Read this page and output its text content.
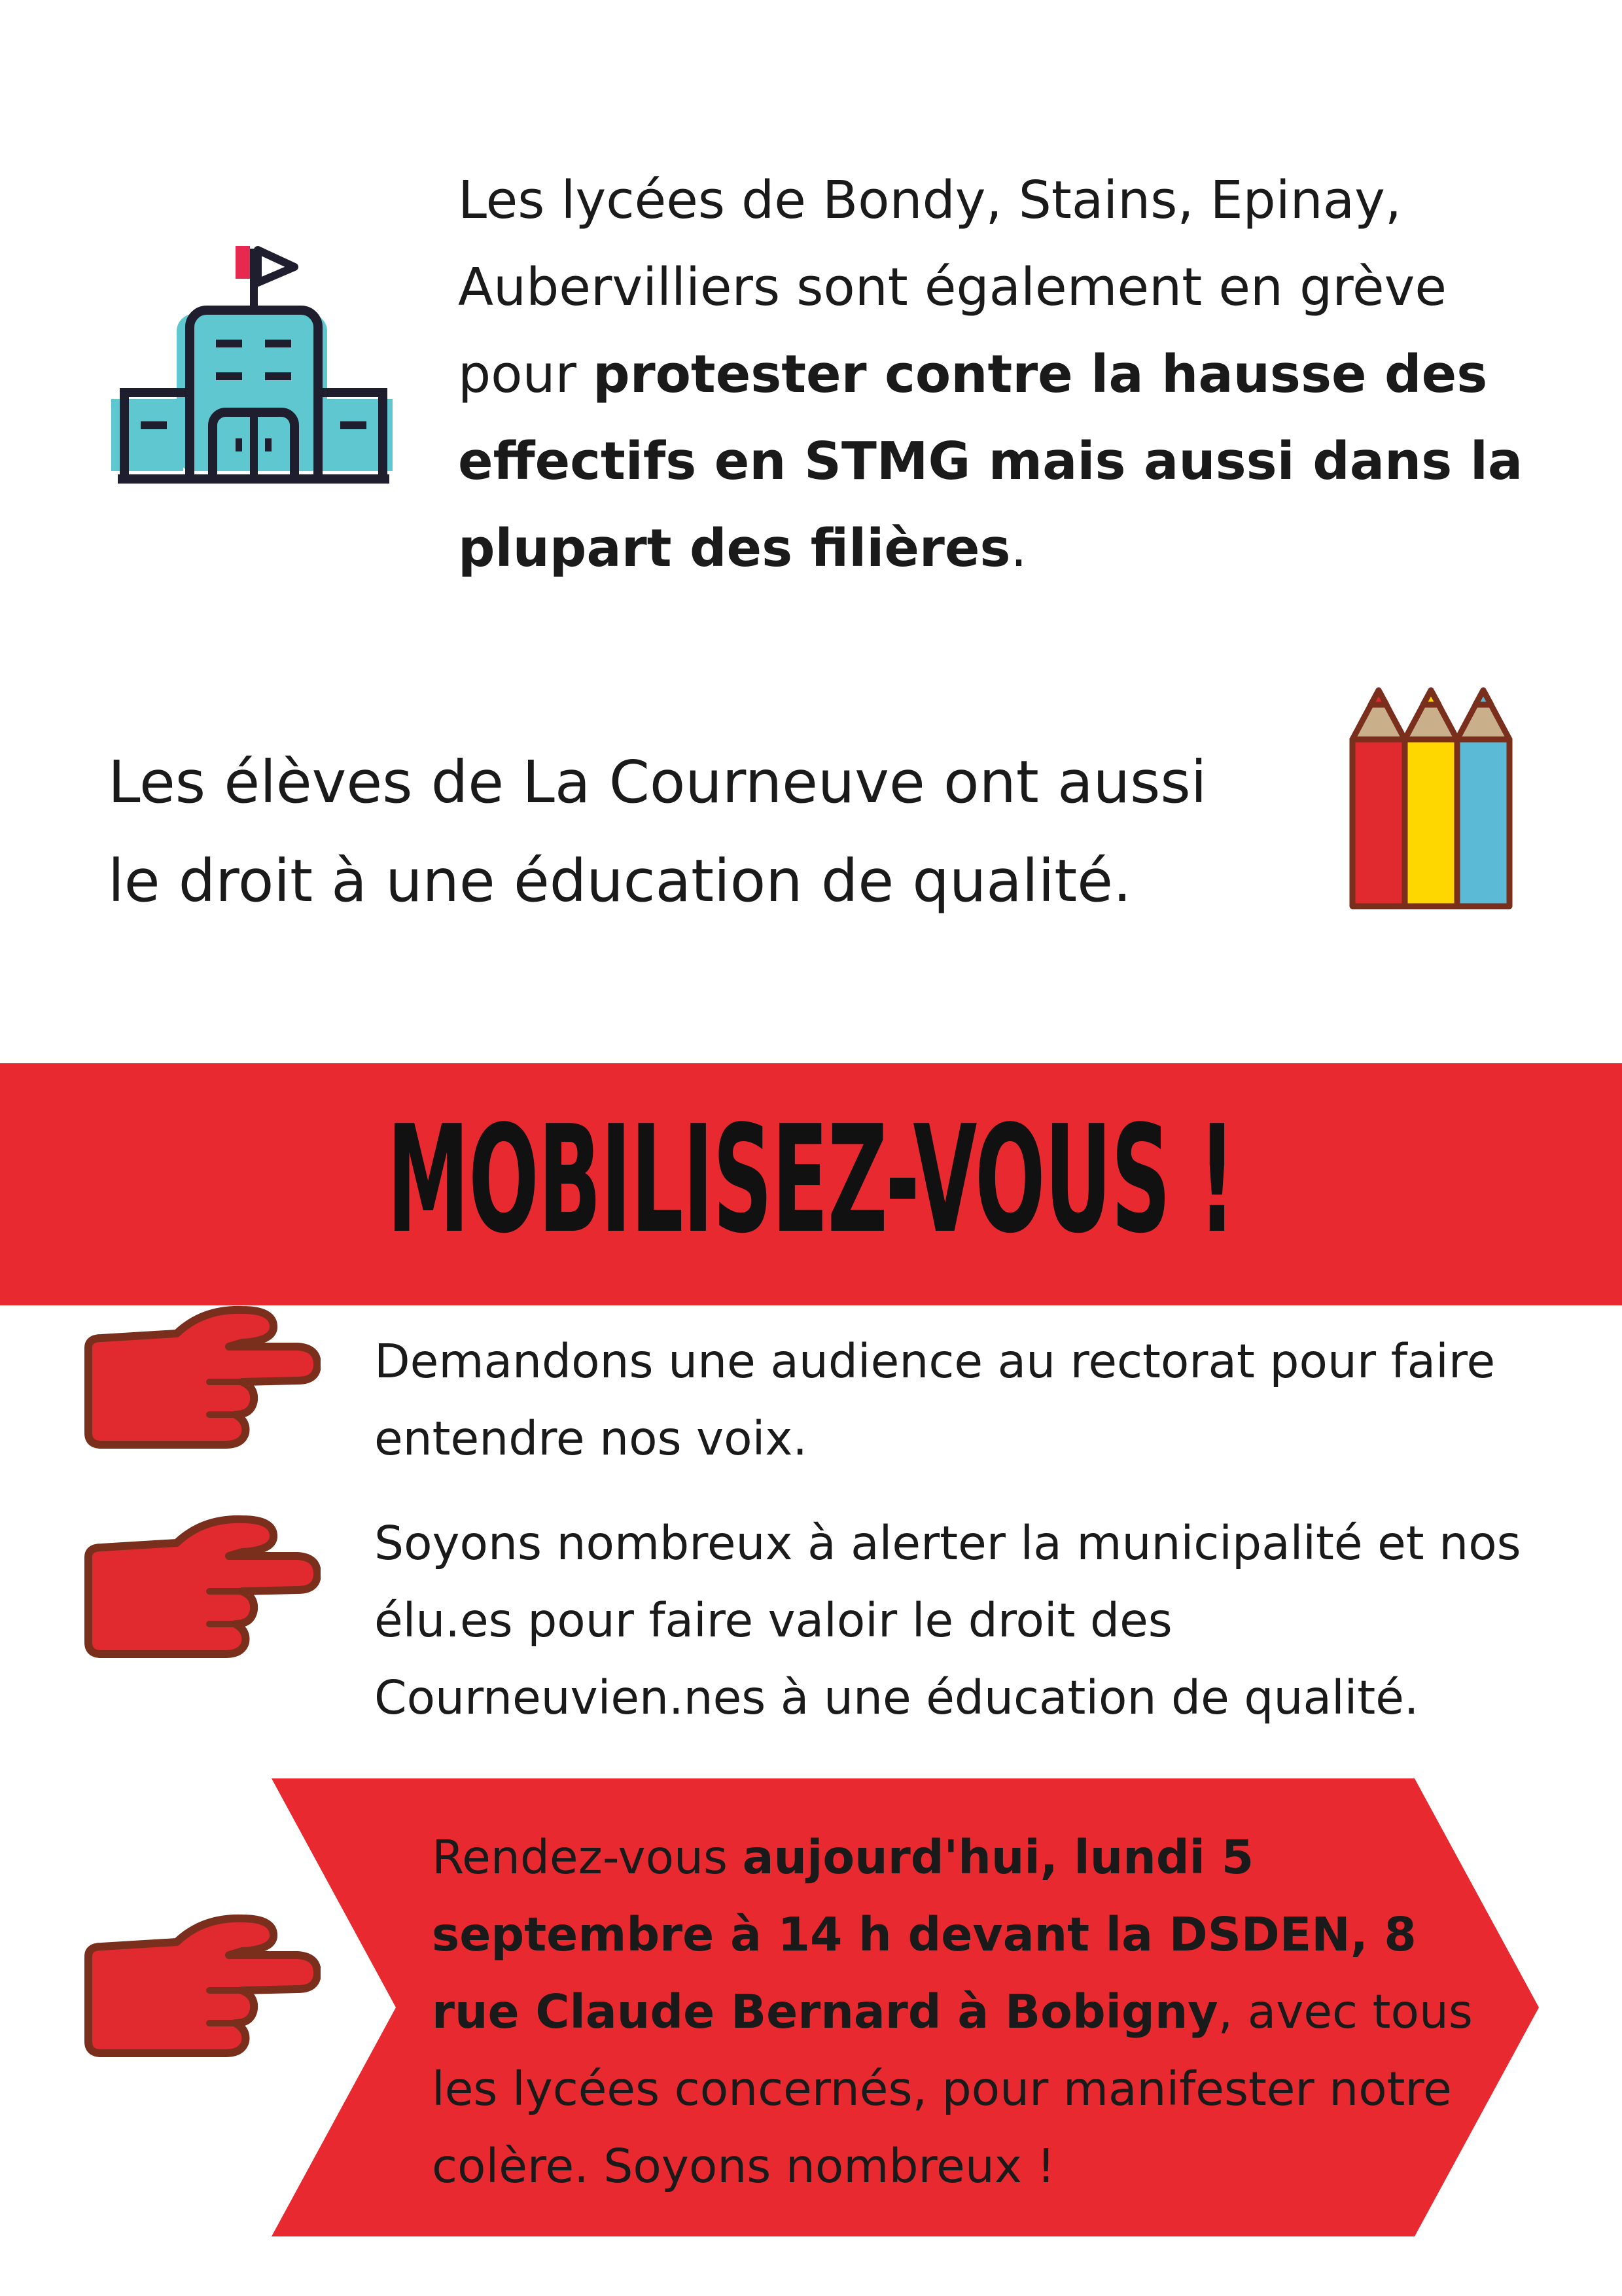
Les lycées de Bondy, Stains, Epinay, Aubervilliers sont également en grève pour protester contre la hausse des effectifs en STMG mais aussi dans la plupart des filières.

Les élèves de La Courneuve ont aussi
le droit à une éducation de qualité.

MOBILISEZ-VOUS !

Demandons une audience au rectorat pour faire entendre nos voix.

Soyons nombreux à alerter la municipalité et nos
élu.es pour faire valoir le droit des
Courneuvien.nes à une éducation de qualité.

Rendez-vous aujourd'hui, lundi 5 septembre à 14 h devant la DSDEN, 8 rue Claude Bernard à Bobigny, avec tous les lycées concernés, pour manifester notre colère. Soyons nombreux !
